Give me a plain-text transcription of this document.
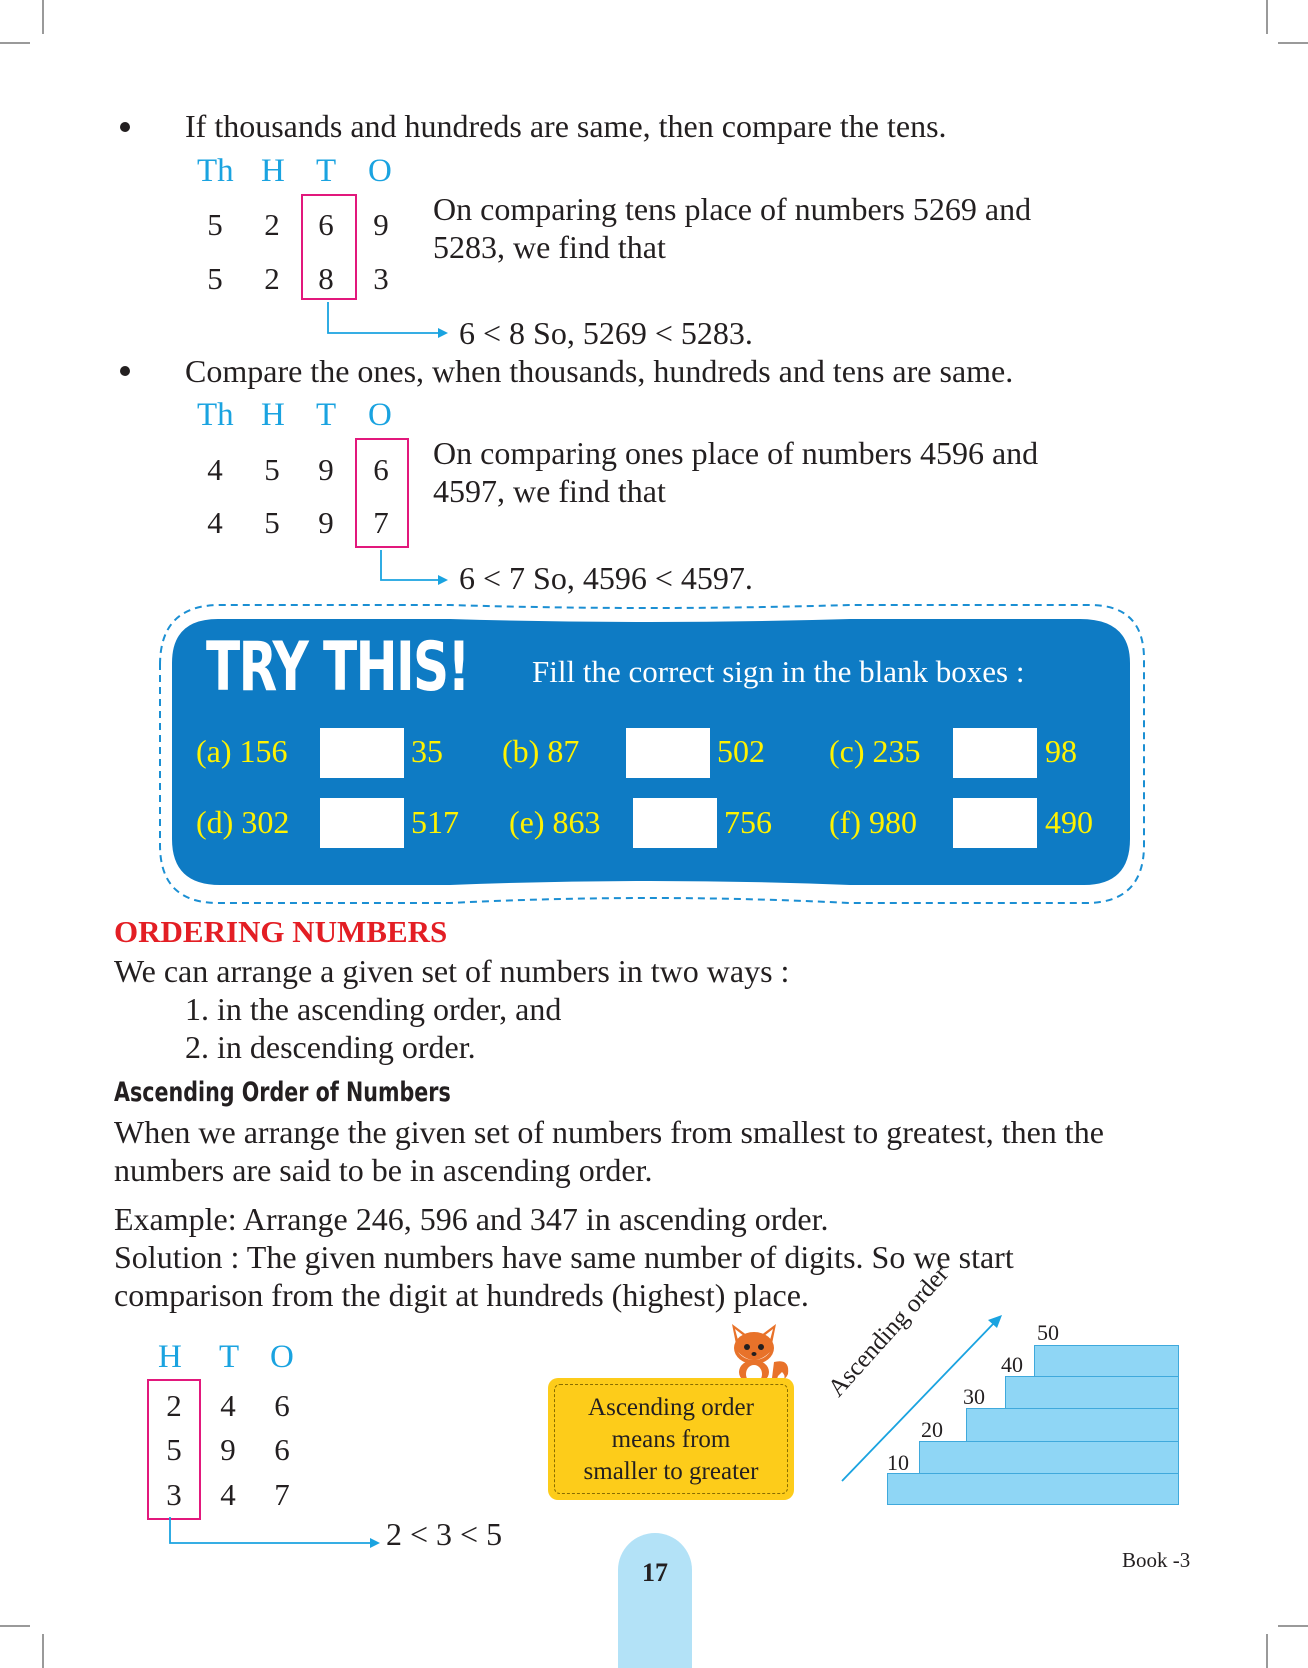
If thousands and hundreds are same, then compare the tens.
Th H T O
5 2 6 9
5 2 8 3
On comparing tens place of numbers 5269 and
5283, we find that
6 < 8 So, 5269 < 5283.
Compare the ones, when thousands, hundreds and tens are same.
Th H T O
4 5 9 6
4 5 9 7
On comparing ones place of numbers 4596 and
4597, we find that
6 < 7 So, 4596 < 4597.
TRY THIS! Fill the correct sign in the blank boxes :
(a) 156	35 (b) 87	502 (c) 235	98
(d) 302	517 (e) 863	756 (f) 980	490
ORDERING NUMBERS
We can arrange a given set of numbers in two ways :
1. in the ascending order, and
2. in descending order.
Ascending Order of Numbers
When we arrange the given set of numbers from smallest to greatest, then the
numbers are said to be in ascending order.
Example: Arrange 246, 596 and 347 in ascending order.
Solution : The given numbers have same number of digits. So we start
comparison from the digit at hundreds (highest) place.
H T O
2 4 6
5 9 6
3 4 7
2 < 3 < 5
Ascending order
means from
smaller to greater
Ascending order
10
20
30
40
50
17	Book -3
